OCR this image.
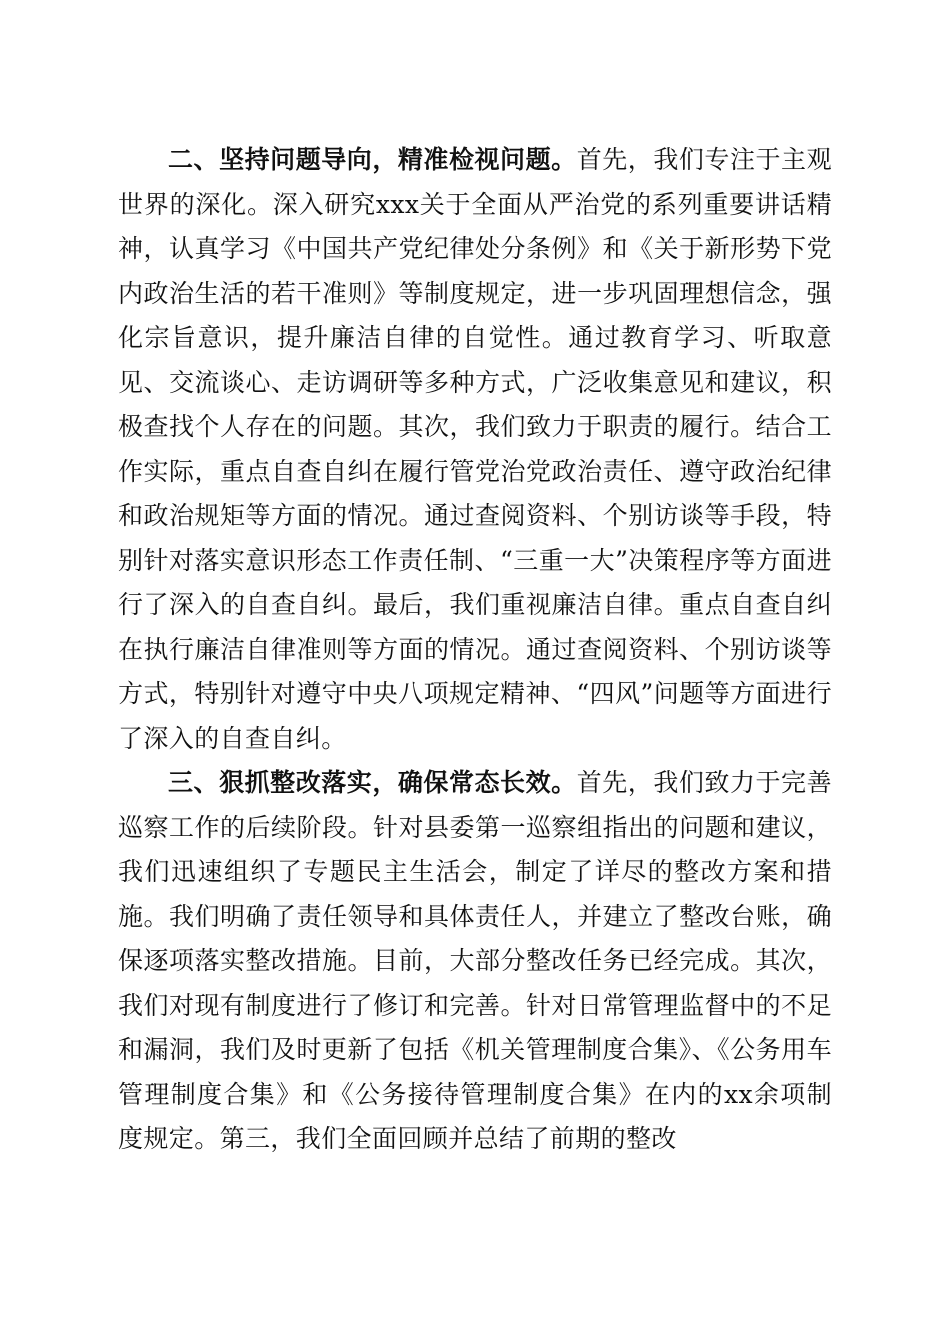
二、坚持问题导向，精准检视问题。首先，我们专注于主观世界的深化。深入研究xxx关于全面从严治党的系列重要讲话精神，认真学习《中国共产党纪律处分条例》和《关于新形势下党内政治生活的若干准则》等制度规定，进一步巩固理想信念，强化宗旨意识，提升廉洁自律的自觉性。通过教育学习、听取意见、交流谈心、走访调研等多种方式，广泛收集意见和建议，积极查找个人存在的问题。其次，我们致力于职责的履行。结合工作实际，重点自查自纠在履行管党治党政治责任、遵守政治纪律和政治规矩等方面的情况。通过查阅资料、个别访谈等手段，特别针对落实意识形态工作责任制、“三重一大”决策程序等方面进行了深入的自查自纠。最后，我们重视廉洁自律。重点自查自纠在执行廉洁自律准则等方面的情况。通过查阅资料、个别访谈等方式，特别针对遵守中央八项规定精神、“四风”问题等方面进行了深入的自查自纠。

三、狠抓整改落实，确保常态长效。首先，我们致力于完善巡察工作的后续阶段。针对县委第一巡察组指出的问题和建议，我们迅速组织了专题民主生活会，制定了详尽的整改方案和措施。我们明确了责任领导和具体责任人，并建立了整改台账，确保逐项落实整改措施。目前，大部分整改任务已经完成。其次，我们对现有制度进行了修订和完善。针对日常管理监督中的不足和漏洞，我们及时更新了包括《机关管理制度合集》、《公务用车管理制度合集》和《公务接待管理制度合集》在内的xx余项制度规定。第三，我们全面回顾并总结了前期的整改
